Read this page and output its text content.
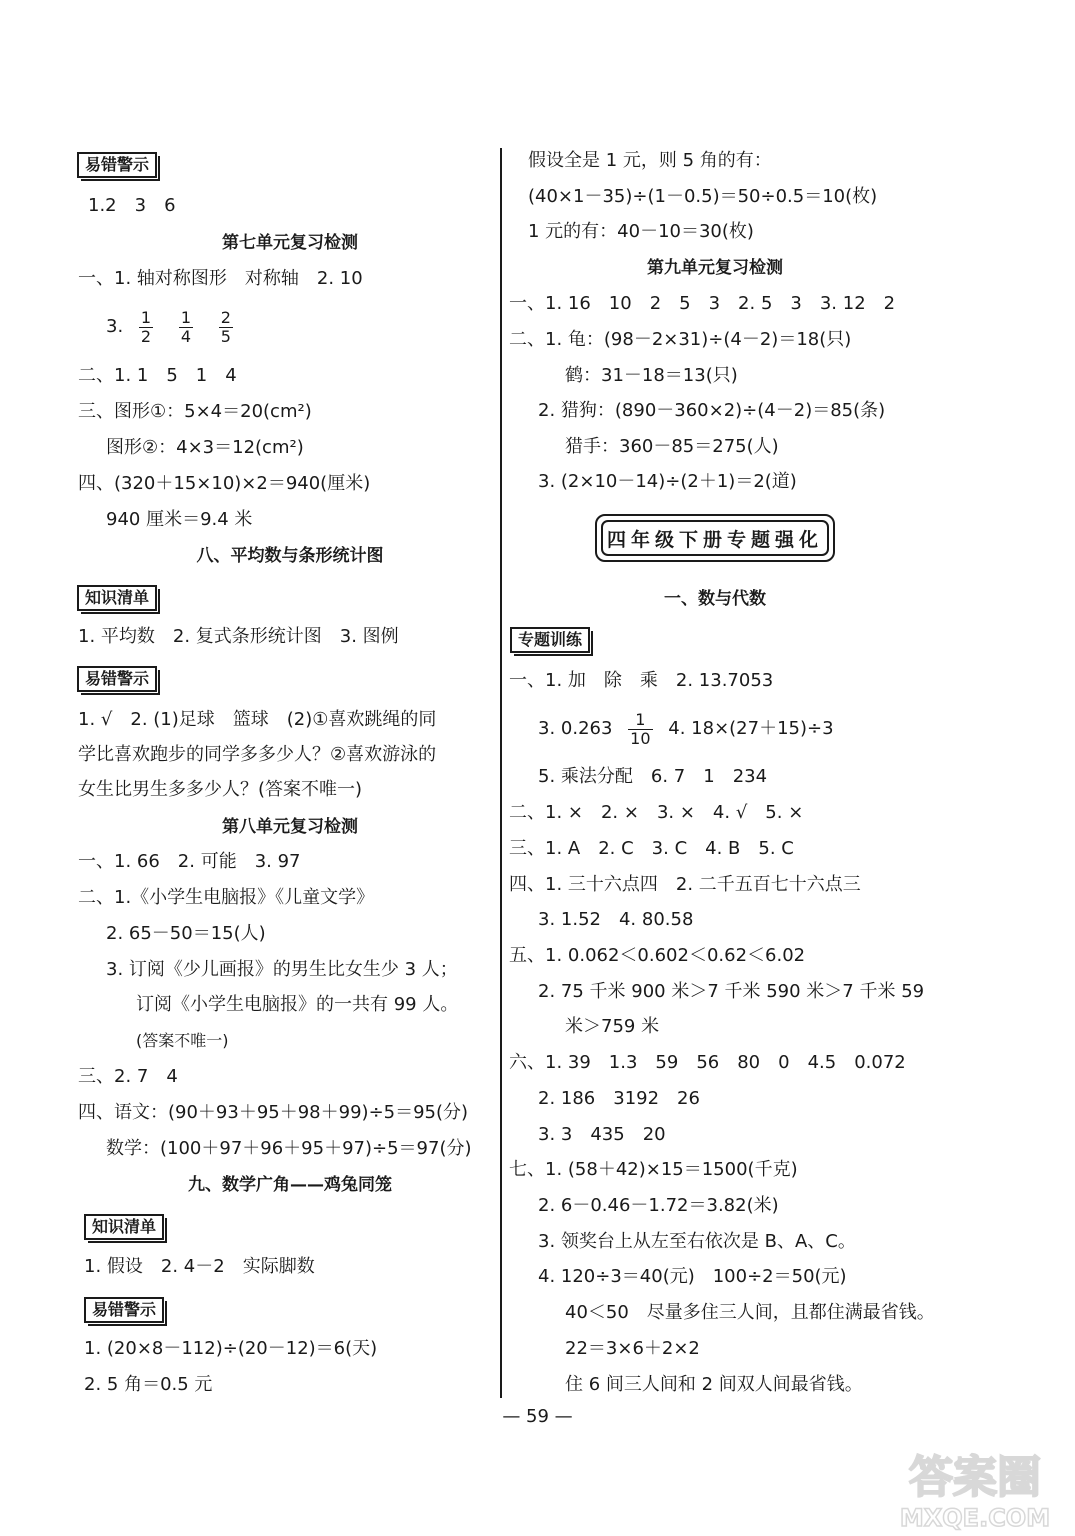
易错警示
1.2　3　6
第七单元复习检测
一、1. 轴对称图形　对称轴　2. 10
3. $\frac{1}{2}$
$\frac{1}{4}$
$\frac{2}{5}$
二、1. 1　5　1　4
三、图形①：5×4＝20(cm²)
图形②：4×3＝12(cm²)
四、(320＋15×10)×2＝940(厘米)
940 厘米＝9.4 米
八、平均数与条形统计图
知识清单
1. 平均数　2. 复式条形统计图　3. 图例
易错警示
1. √　2. (1)足球　篮球　(2)①喜欢跳绳的同
学比喜欢跑步的同学多多少人？②喜欢游泳的
女生比男生多多少人？(答案不唯一)
第八单元复习检测
一、1. 66　2. 可能　3. 97
二、1.《小学生电脑报》《儿童文学》
2. 65－50＝15(人)
3. 订阅《少儿画报》的男生比女生少 3 人；
订阅《小学生电脑报》的一共有 99 人。
(答案不唯一)
三、2. 7　4
四、语文：(90＋93＋95＋98＋99)÷5＝95(分)
数学：(100＋97＋96＋95＋97)÷5＝97(分)
九、数学广角——鸡兔同笼
知识清单
1. 假设　2. 4－2　实际脚数
易错警示
1. (20×8－112)÷(20－12)＝6(天)
2. 5 角＝0.5 元
假设全是 1 元，则 5 角的有：
(40×1－35)÷(1－0.5)＝50÷0.5＝10(枚)
1 元的有：40－10＝30(枚)
第九单元复习检测
一、1. 16　10　2　5　3　2. 5　3　3. 12　2
二、1. 龟：(98－2×31)÷(4－2)＝18(只)
鹤：31－18＝13(只)
2. 猎狗：(890－360×2)÷(4－2)＝85(条)
猎手：360－85＝275(人)
3. (2×10－14)÷(2＋1)＝2(道)
四年级下册专题强化
一、数与代数
专题训练
一、1. 加　除　乘　2. 13.7053
3. $0.263 \frac{1}{10} 4$. 18×(27＋15)÷3
5. 乘法分配　6. 7　1　234
二、1. ×　2. ×　3. ×　4. √　5. ×
三、1. A　2. C　3. C　4. B　5. C
四、1. 三十六点四　2. 二千五百七十六点三
3. 1.52　4. 80.58
五、1. 0.062＜0.602＜0.62＜6.02
2. 75 千米 900 米＞7 千米 590 米＞7 千米 59
米＞759 米
六、1. 39　1.3　59　56　80　0　4.5　0.072
2. 186　3192　26
3. 3　435　20
七、1. (58＋42)×15＝1500(千克)
2. 6－0.46－1.72＝3.82(米)
3. 领奖台上从左至右依次是 B、A、C。
4. 120÷3＝40(元)　100÷2＝50(元)
40＜50　尽量多住三人间，且都住满最省钱。
22＝3×6＋2×2
住 6 间三人间和 2 间双人间最省钱。
— 59 —
答案圈
MXQE.COM
